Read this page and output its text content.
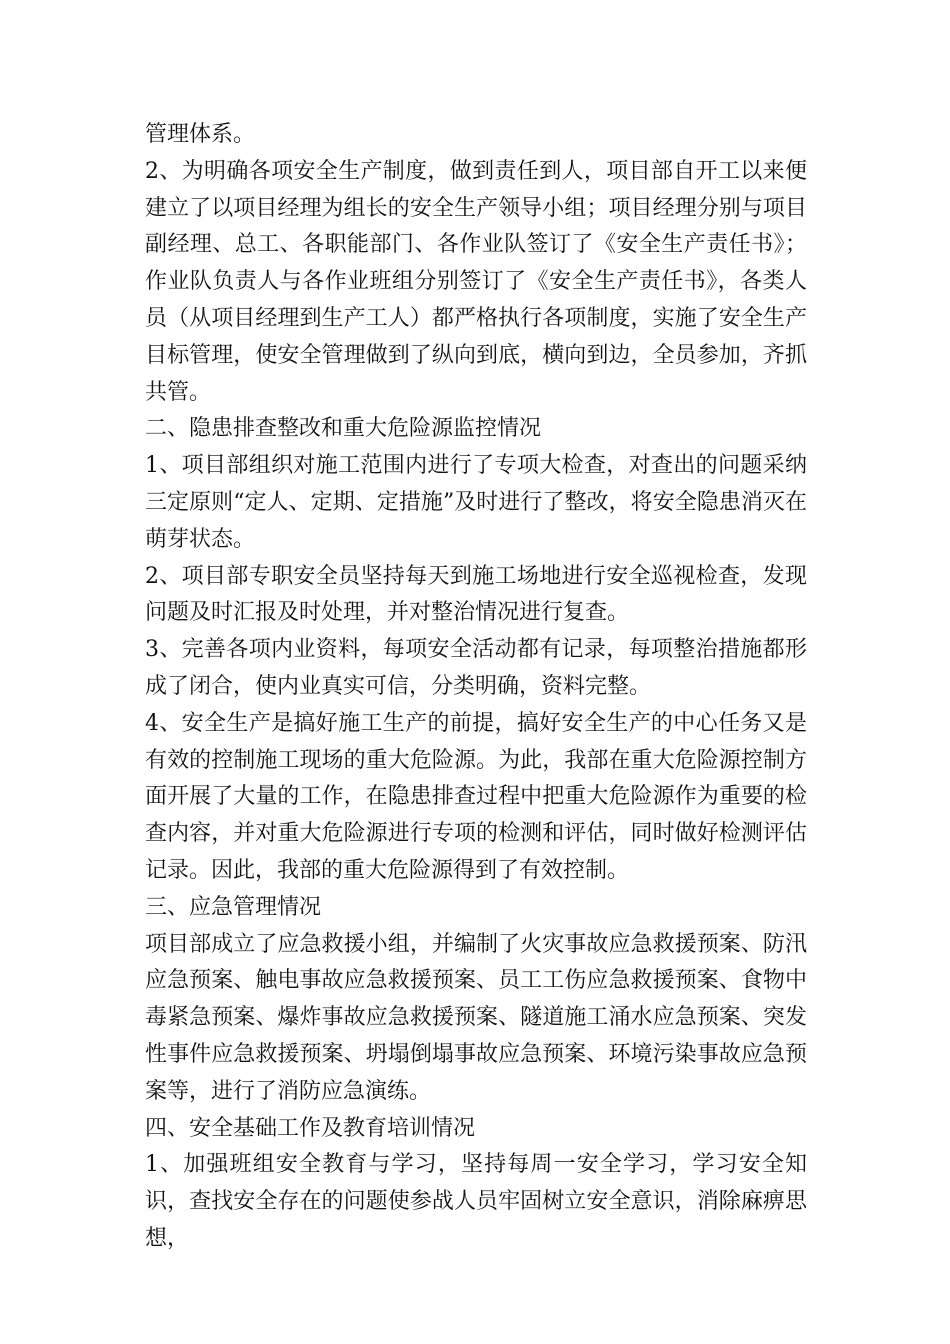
管理体系。

2、为明确各项安全生产制度，做到责任到人，项目部自开工以来便建立了以项目经理为组长的安全生产领导小组；项目经理分别与项目副经理、总工、各职能部门、各作业队签订了《安全生产责任书》；作业队负责人与各作业班组分别签订了《安全生产责任书》，各类人员（从项目经理到生产工人）都严格执行各项制度，实施了安全生产目标管理，使安全管理做到了纵向到底，横向到边，全员参加，齐抓共管。

二、隐患排查整改和重大危险源监控情况

1、项目部组织对施工范围内进行了专项大检查，对查出的问题采纳三定原则“定人、定期、定措施”及时进行了整改，将安全隐患消灭在萌芽状态。

2、项目部专职安全员坚持每天到施工场地进行安全巡视检查，发现问题及时汇报及时处理，并对整治情况进行复查。

3、完善各项内业资料，每项安全活动都有记录，每项整治措施都形成了闭合，使内业真实可信，分类明确，资料完整。

4、安全生产是搞好施工生产的前提，搞好安全生产的中心任务又是有效的控制施工现场的重大危险源。为此，我部在重大危险源控制方面开展了大量的工作，在隐患排查过程中把重大危险源作为重要的检查内容，并对重大危险源进行专项的检测和评估，同时做好检测评估记录。因此，我部的重大危险源得到了有效控制。

三、应急管理情况

项目部成立了应急救援小组，并编制了火灾事故应急救援预案、防汛应急预案、触电事故应急救援预案、员工工伤应急救援预案、食物中毒紧急预案、爆炸事故应急救援预案、隧道施工涌水应急预案、突发性事件应急救援预案、坍塌倒塌事故应急预案、环境污染事故应急预案等，进行了消防应急演练。

四、安全基础工作及教育培训情况

1、加强班组安全教育与学习，坚持每周一安全学习，学习安全知识，查找安全存在的问题使参战人员牢固树立安全意识，消除麻痹思想，
